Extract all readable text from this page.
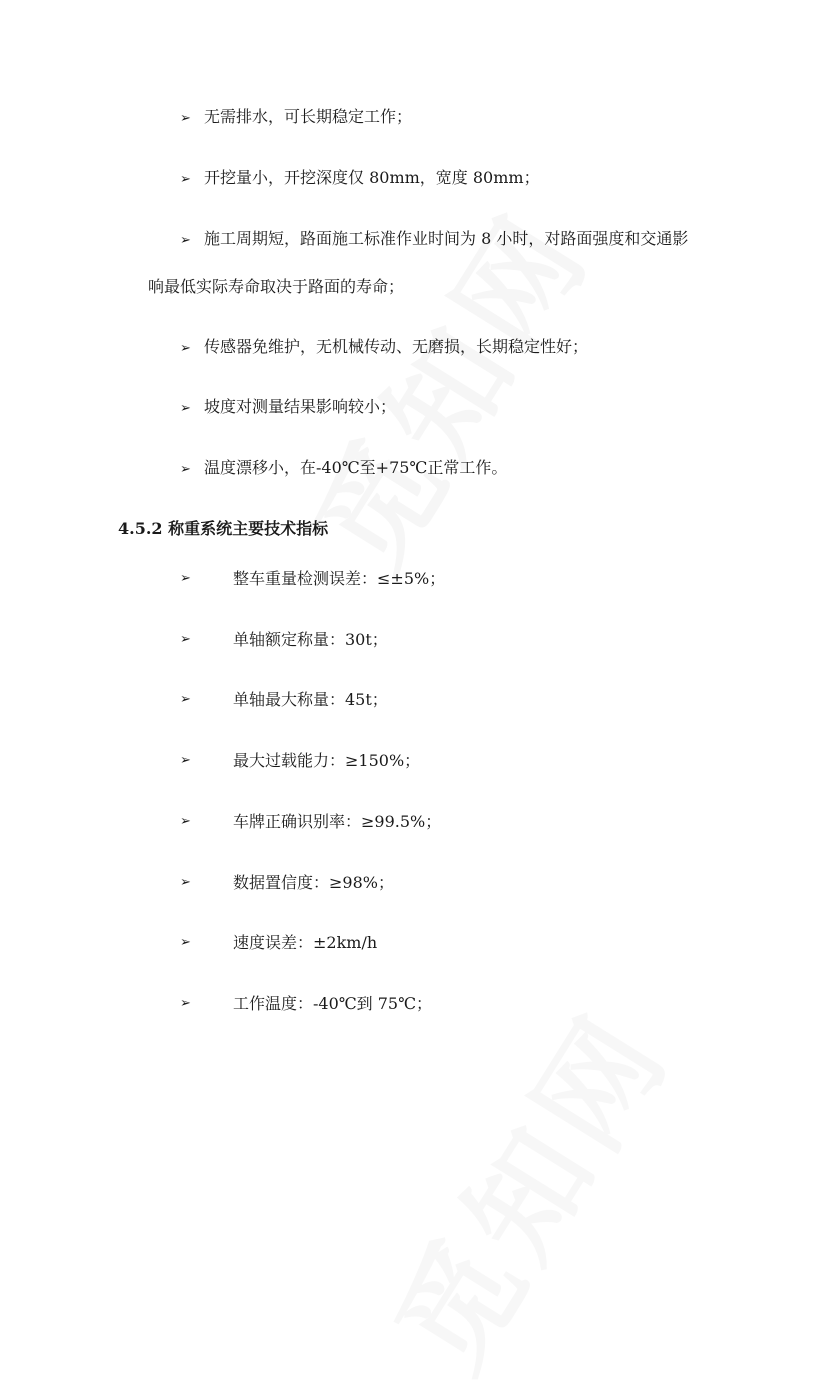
➢ 无需排水，可长期稳定工作；
➢ 开挖量小，开挖深度仅 80mm，宽度 80mm；
➢ 施工周期短，路面施工标准作业时间为 8 小时，对路面强度和交通影
响最低实际寿命取决于路面的寿命；
➢ 传感器免维护，无机械传动、无磨损，长期稳定性好；
➢ 坡度对测量结果影响较小；
➢ 温度漂移小，在-40℃至+75℃正常工作。
4.5.2 称重系统主要技术指标
➢	整车重量检测误差：≤±5%；
➢	单轴额定称量：30t；
➢	单轴最大称量：45t；
➢	最大过载能力：≥150%；
➢	车牌正确识别率：≥99.5%；
➢	数据置信度：≥98%；
➢	速度误差：±2km/h
➢	工作温度：-40℃到 75℃；
